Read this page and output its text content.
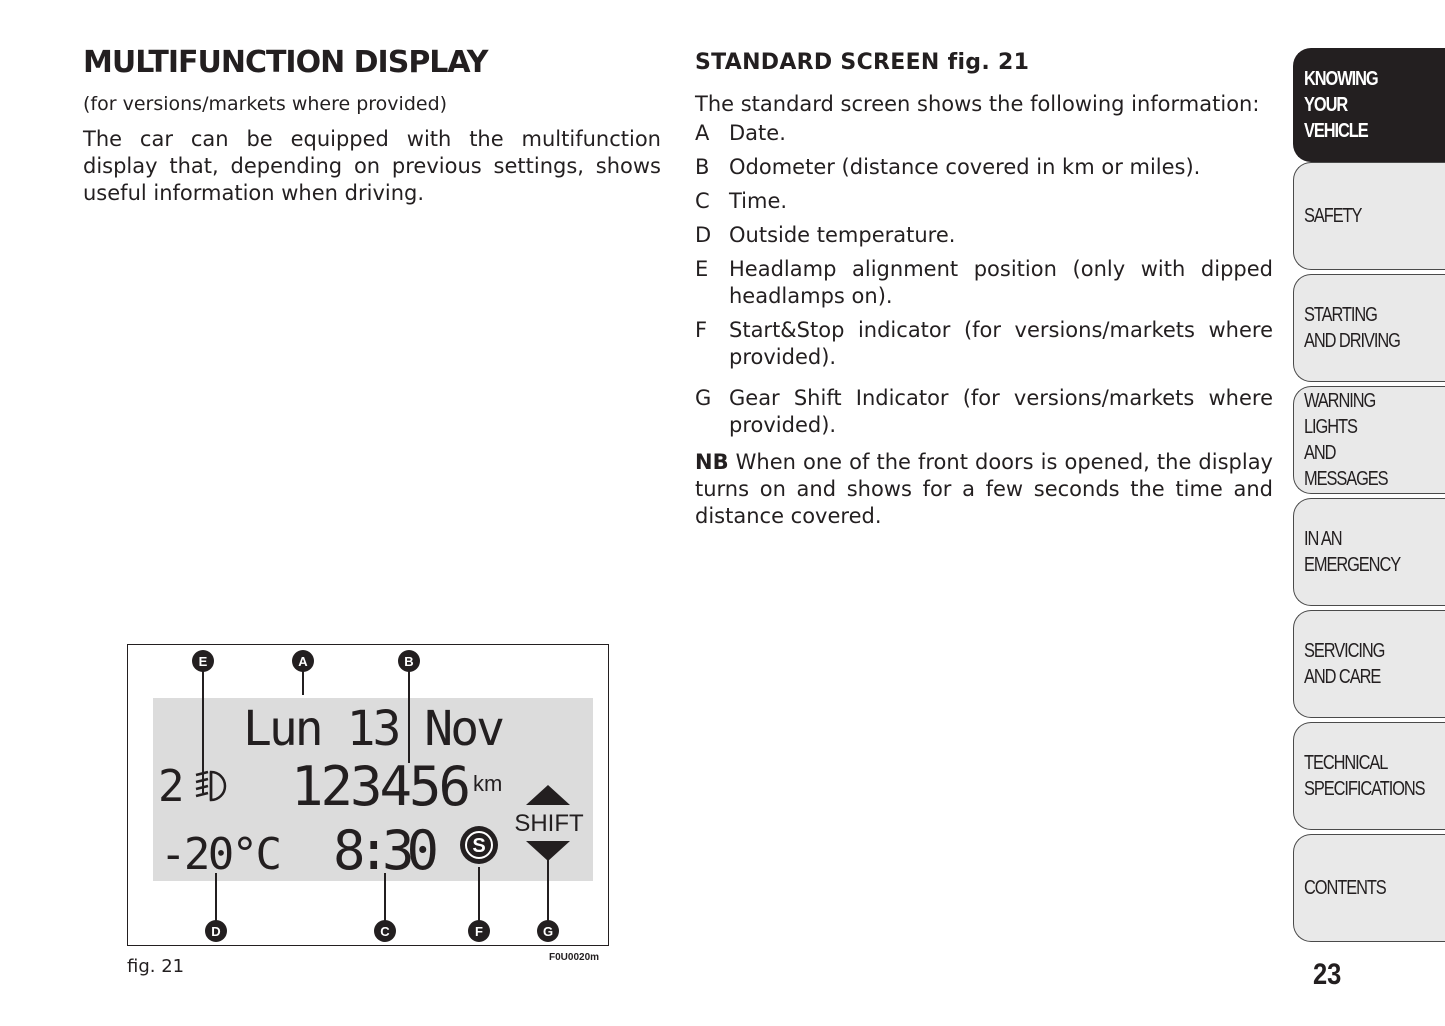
MULTIFUNCTION DISPLAY
(for versions/markets where provided)
The car can be equipped with the multifunction display that, depending on previous settings, shows useful information when driving.
STANDARD SCREEN fig. 21
The standard screen shows the following information:
A Date.
B Odometer (distance covered in km or miles).
C Time.
D Outside temperature.
E Headlamp alignment position (only with dipped headlamps on).
F	Start&Stop indicator (for versions/markets where provided).
G Gear Shift Indicator (for versions/markets where provided).
NB When one of the front doors is opened, the display turns on and shows for a few seconds the time and distance covered.
Lun 13 Nov
2 123456 km
-20°C 8:30 S
SHIFT
E	A	B
D	C	F	G
fig. 21	F0U0020m
KNOWING
YOUR
VEHICLE
SAFETY
STARTING
AND DRIVING
WARNING LIGHTS
AND MESSAGES
IN AN
EMERGENCY
SERVICING
AND CARE
TECHNICAL
SPECIFICATIONS
CONTENTS
23
